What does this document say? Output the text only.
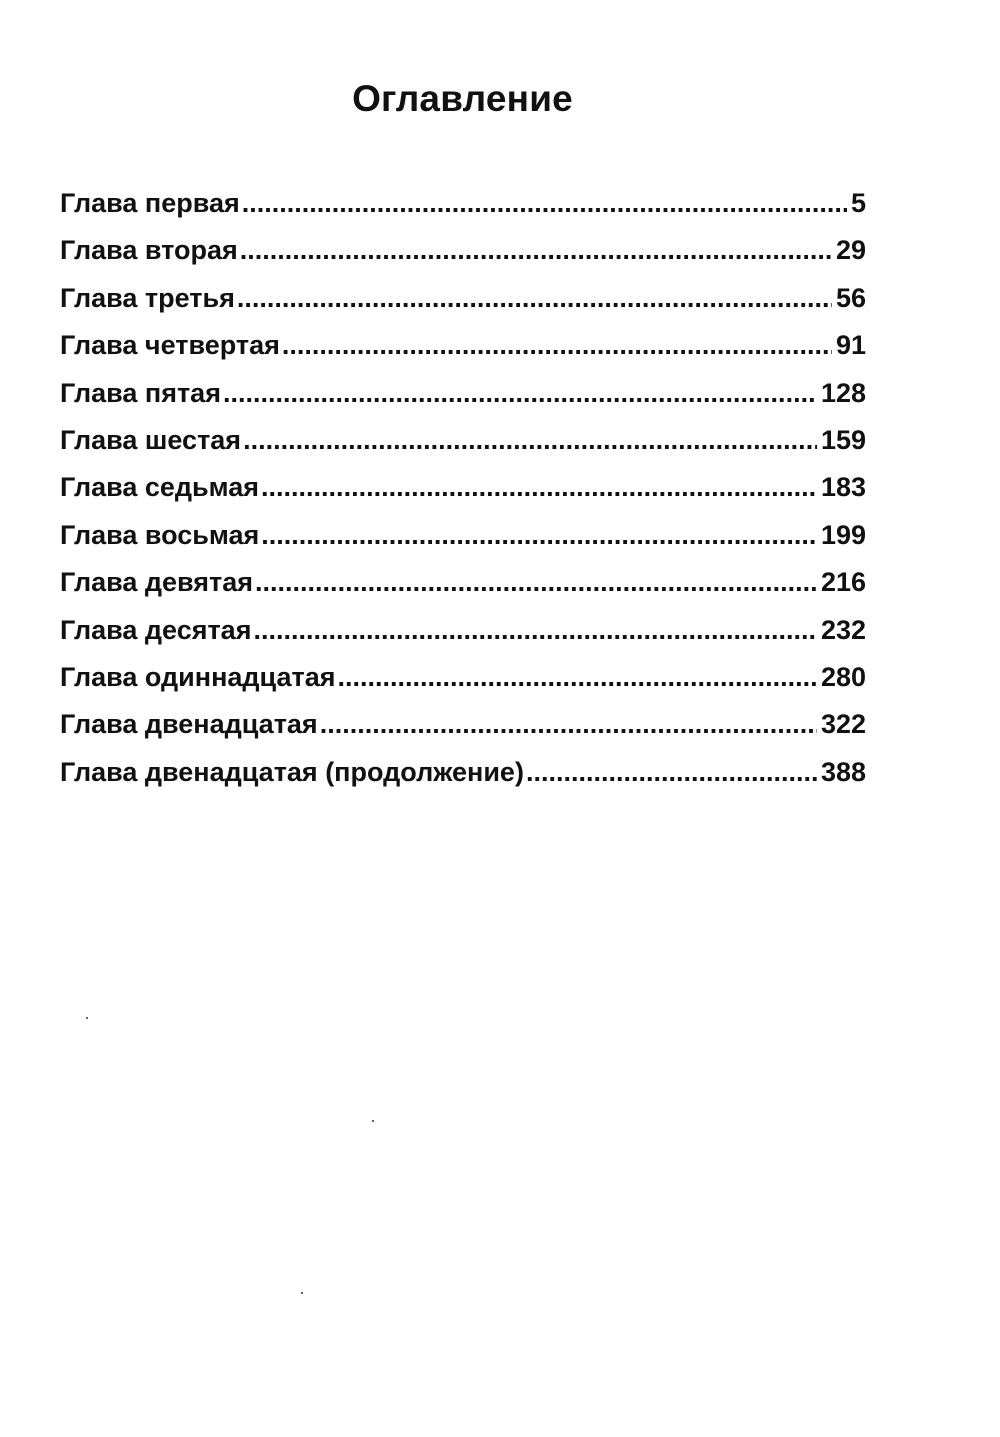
Оглавление
Глава первая .....	5
Глава вторая .....	29
Глава третья .....	56
Глава четвертая .....	91
Глава пятая .....	128
Глава шестая .....	159
Глава седьмая .....	183
Глава восьмая .....	199
Глава девятая .....	216
Глава десятая .....	232
Глава одиннадцатая .....	280
Глава двенадцатая .....	322
Глава двенадцатая (продолжение) .....	388
